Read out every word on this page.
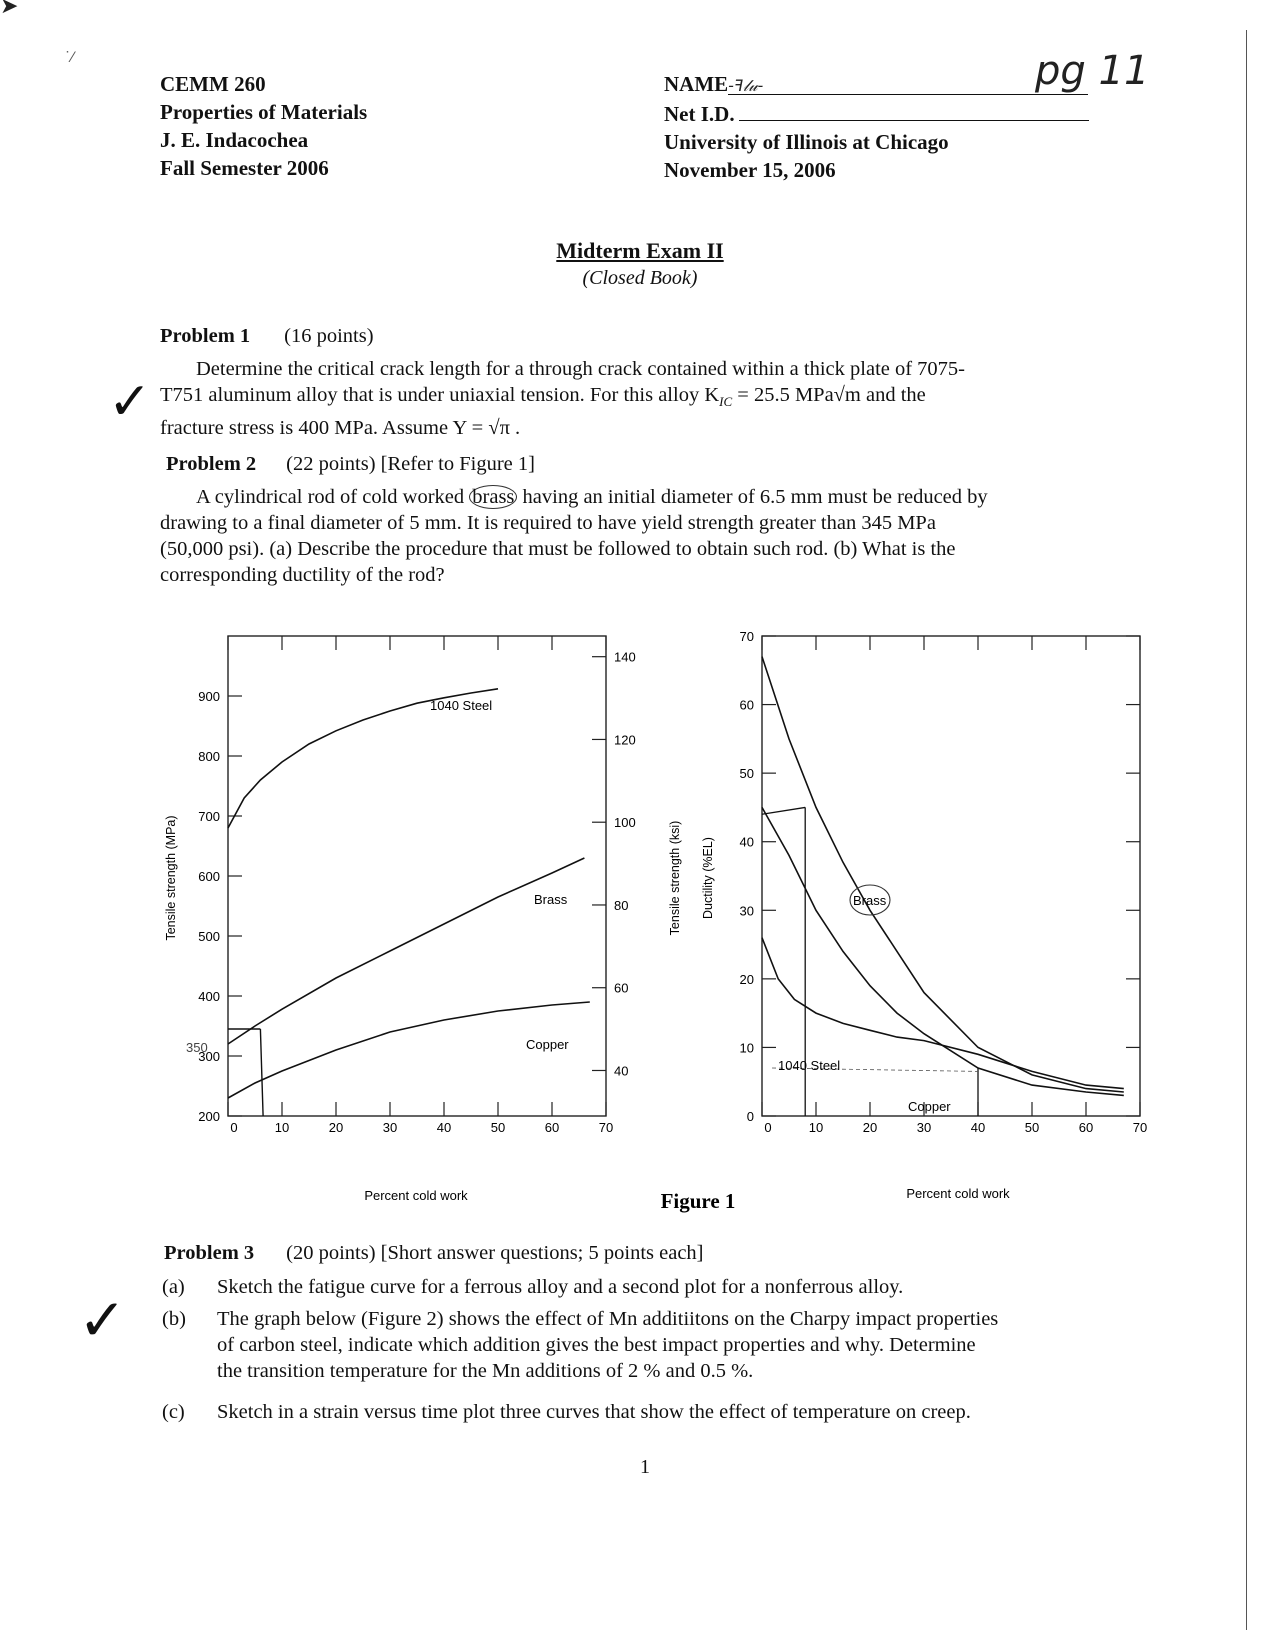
➤
˙⁄
CEMM 260
Properties of Materials
J. E. Indacochea
Fall Semester 2006
NAME-ꟻ𝓁𝓊-
Net I.D.
University of Illinois at Chicago
November 15, 2006
pg 11
Midterm Exam II
(Closed Book)
Problem 1 (16 points)
Determine the critical crack length for a through crack contained within a thick plate of 7075-
T751 aluminum alloy that is under uniaxial tension. For this alloy $K_{IC} = 25.5$ MPa√m and the
fracture stress is 400 MPa. Assume Y = √π .
✓
Problem 2 (22 points) [Refer to Figure 1]
A cylindrical rod of cold worked brass having an initial diameter of 6.5 mm must be reduced by
drawing to a final diameter of 5 mm. It is required to have yield strength greater than 345 MPa
(50,000 psi). (a) Describe the procedure that must be followed to obtain such rod. (b) What is the
corresponding ductility of the rod?
0	10	20	30	40	50	60	70
200
300
400
500
600
700
800
900
40
60
80
100
120
140
0	10	20	30	40	50	60	70
0
10
20
30
40
50
60
70
Tensile strength (MPa)	Tensile strength (ksi) Ductility (%EL)
Percent cold work	Percent cold work
Figure 1
350
1040 Steel
Brass
Copper
Brass
1040 Steel
Copper
Problem 3 (20 points) [Short answer questions; 5 points each]
(a) Sketch the fatigue curve for a ferrous alloy and a second plot for a nonferrous alloy.
(b) The graph below (Figure 2) shows the effect of Mn additiitons on the Charpy impact properties
of carbon steel, indicate which addition gives the best impact properties and why. Determine
the transition temperature for the Mn additions of 2 % and 0.5 %.
(c) Sketch in a strain versus time plot three curves that show the effect of temperature on creep.
✓
1
